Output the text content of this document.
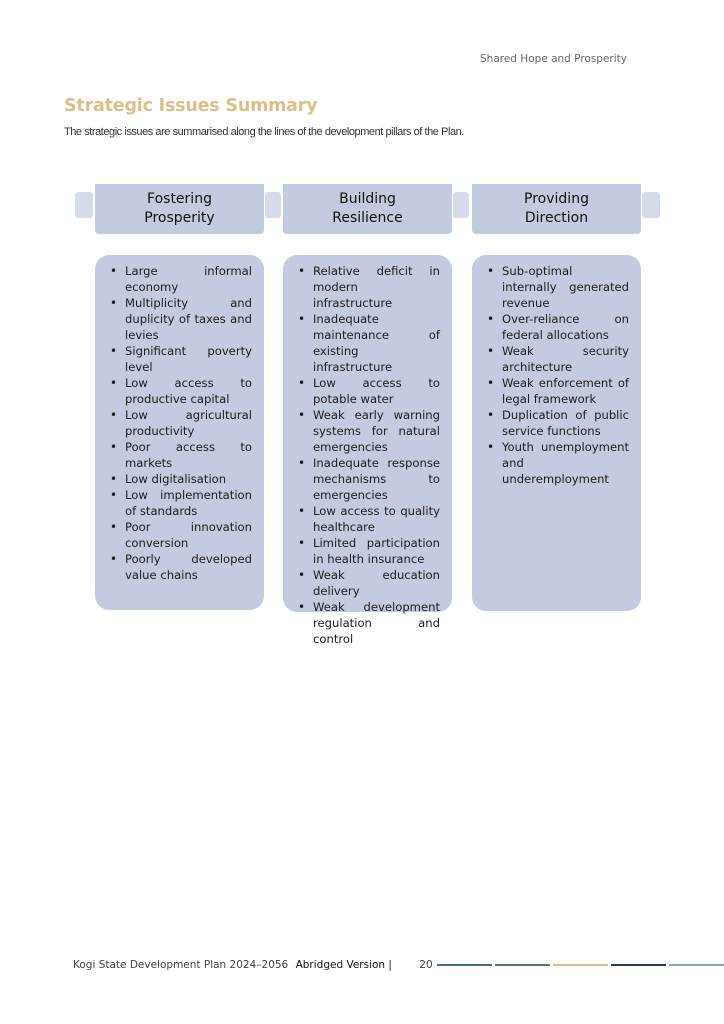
Shared Hope and Prosperity
Strategic Issues Summary

The strategic issues are summarised along the lines of the development pillars of the Plan.

Fostering
Prosperity
Building
Resilience
Providing
Direction
• Large informal economy
• Multiplicity and duplicity of taxes and levies
• Significant poverty level
• Low access to productive capital
• Low agricultural productivity
• Poor access to markets
• Low digitalisation
• Low implementation of standards
• Poor innovation conversion
• Poorly developed value chains
• Relative deficit in modern infrastructure
• Inadequate maintenance of existing infrastructure
• Low access to potable water
• Weak early warning systems for natural emergencies
• Inadequate response mechanisms to emergencies
• Low access to quality healthcare
• Limited participation in health insurance
• Weak education delivery
• Weak development regulation and control
• Sub-optimal internally generated revenue
• Over-reliance on federal allocations
• Weak security architecture
• Weak enforcement of legal framework
• Duplication of public service functions
• Youth unemployment and underemployment
Kogi State Development Plan 2024–2056 Abridged Version |	20
